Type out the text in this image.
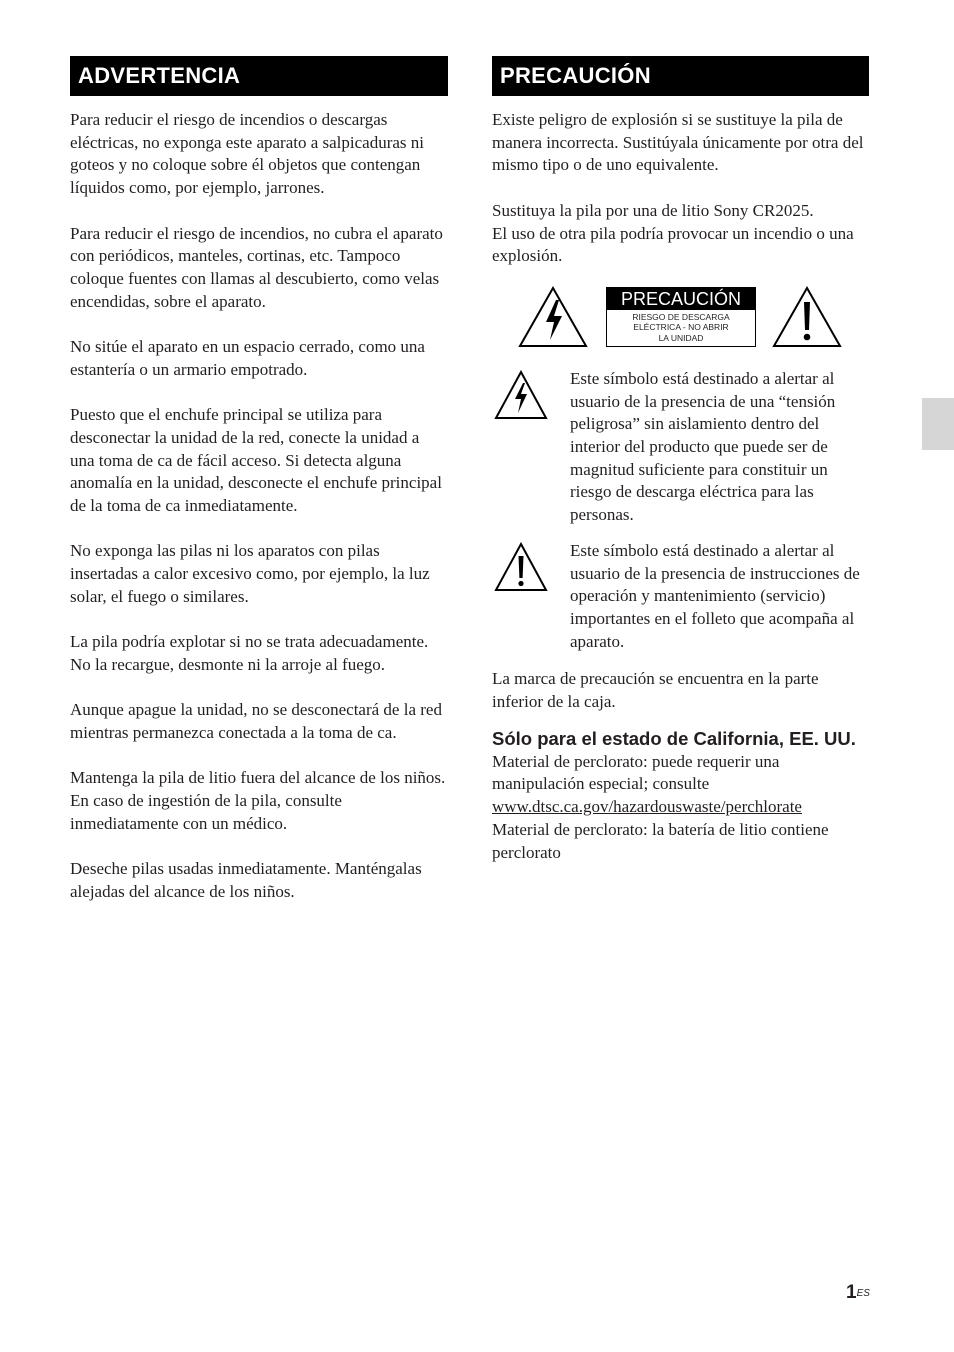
ADVERTENCIA

Para reducir el riesgo de incendios o descargas eléctricas, no exponga este aparato a salpicaduras ni goteos y no coloque sobre él objetos que contengan líquidos como, por ejemplo, jarrones.

Para reducir el riesgo de incendios, no cubra el aparato con periódicos, manteles, cortinas, etc. Tampoco coloque fuentes con llamas al descubierto, como velas encendidas, sobre el aparato.

No sitúe el aparato en un espacio cerrado, como una estantería o un armario empotrado.

Puesto que el enchufe principal se utiliza para desconectar la unidad de la red, conecte la unidad a una toma de ca de fácil acceso. Si detecta alguna anomalía en la unidad, desconecte el enchufe principal de la toma de ca inmediatamente.

No exponga las pilas ni los aparatos con pilas insertadas a calor excesivo como, por ejemplo, la luz solar, el fuego o similares.

La pila podría explotar si no se trata adecuadamente. No la recargue, desmonte ni la arroje al fuego.

Aunque apague la unidad, no se desconectará de la red mientras permanezca conectada a la toma de ca.

Mantenga la pila de litio fuera del alcance de los niños. En caso de ingestión de la pila, consulte inmediatamente con un médico.

Deseche pilas usadas inmediatamente. Manténgalas alejadas del alcance de los niños.

PRECAUCIÓN

Existe peligro de explosión si se sustituye la pila de manera incorrecta. Sustitúyala únicamente por otra del mismo tipo o de uno equivalente.

Sustituya la pila por una de litio Sony CR2025.
El uso de otra pila podría provocar un incendio o una explosión.

PRECAUCIÓN
RIESGO DE DESCARGA
ELÉCTRICA - NO ABRIR
LA UNIDAD
Este símbolo está destinado a alertar al usuario de la presencia de una “tensión peligrosa” sin aislamiento dentro del interior del producto que puede ser de magnitud suficiente para constituir un riesgo de descarga eléctrica para las personas.
Este símbolo está destinado a alertar al usuario de la presencia de instrucciones de operación y mantenimiento (servicio) importantes en el folleto que acompaña al aparato.

La marca de precaución se encuentra en la parte inferior de la caja.

Sólo para el estado de California, EE. UU.
Material de perclorato: puede requerir una manipulación especial; consulte
www.dtsc.ca.gov/hazardouswaste/perchlorate
Material de perclorato: la batería de litio contiene perclorato
$1^{ES}$
